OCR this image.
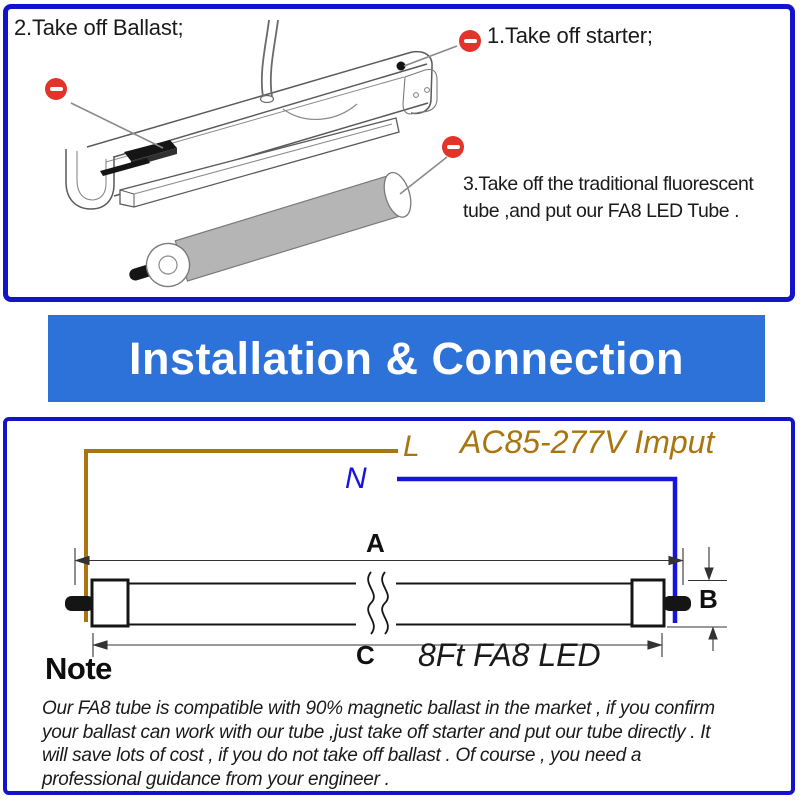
Installation & Connection
2.Take off Ballast;	1.Take off starter;
3.Take off the traditional fluorescent
tube ,and put our FA8 LED Tube .
L AC85-277V Imput
N
A
B
C 8Ft FA8 LED
Note
Our FA8 tube is compatible with 90% magnetic ballast in the market , if you confirm
your ballast can work with our tube ,just take off starter and put our tube directly . It
will save lots of cost , if you do not take off ballast . Of course , you need a
professional guidance from your engineer .
